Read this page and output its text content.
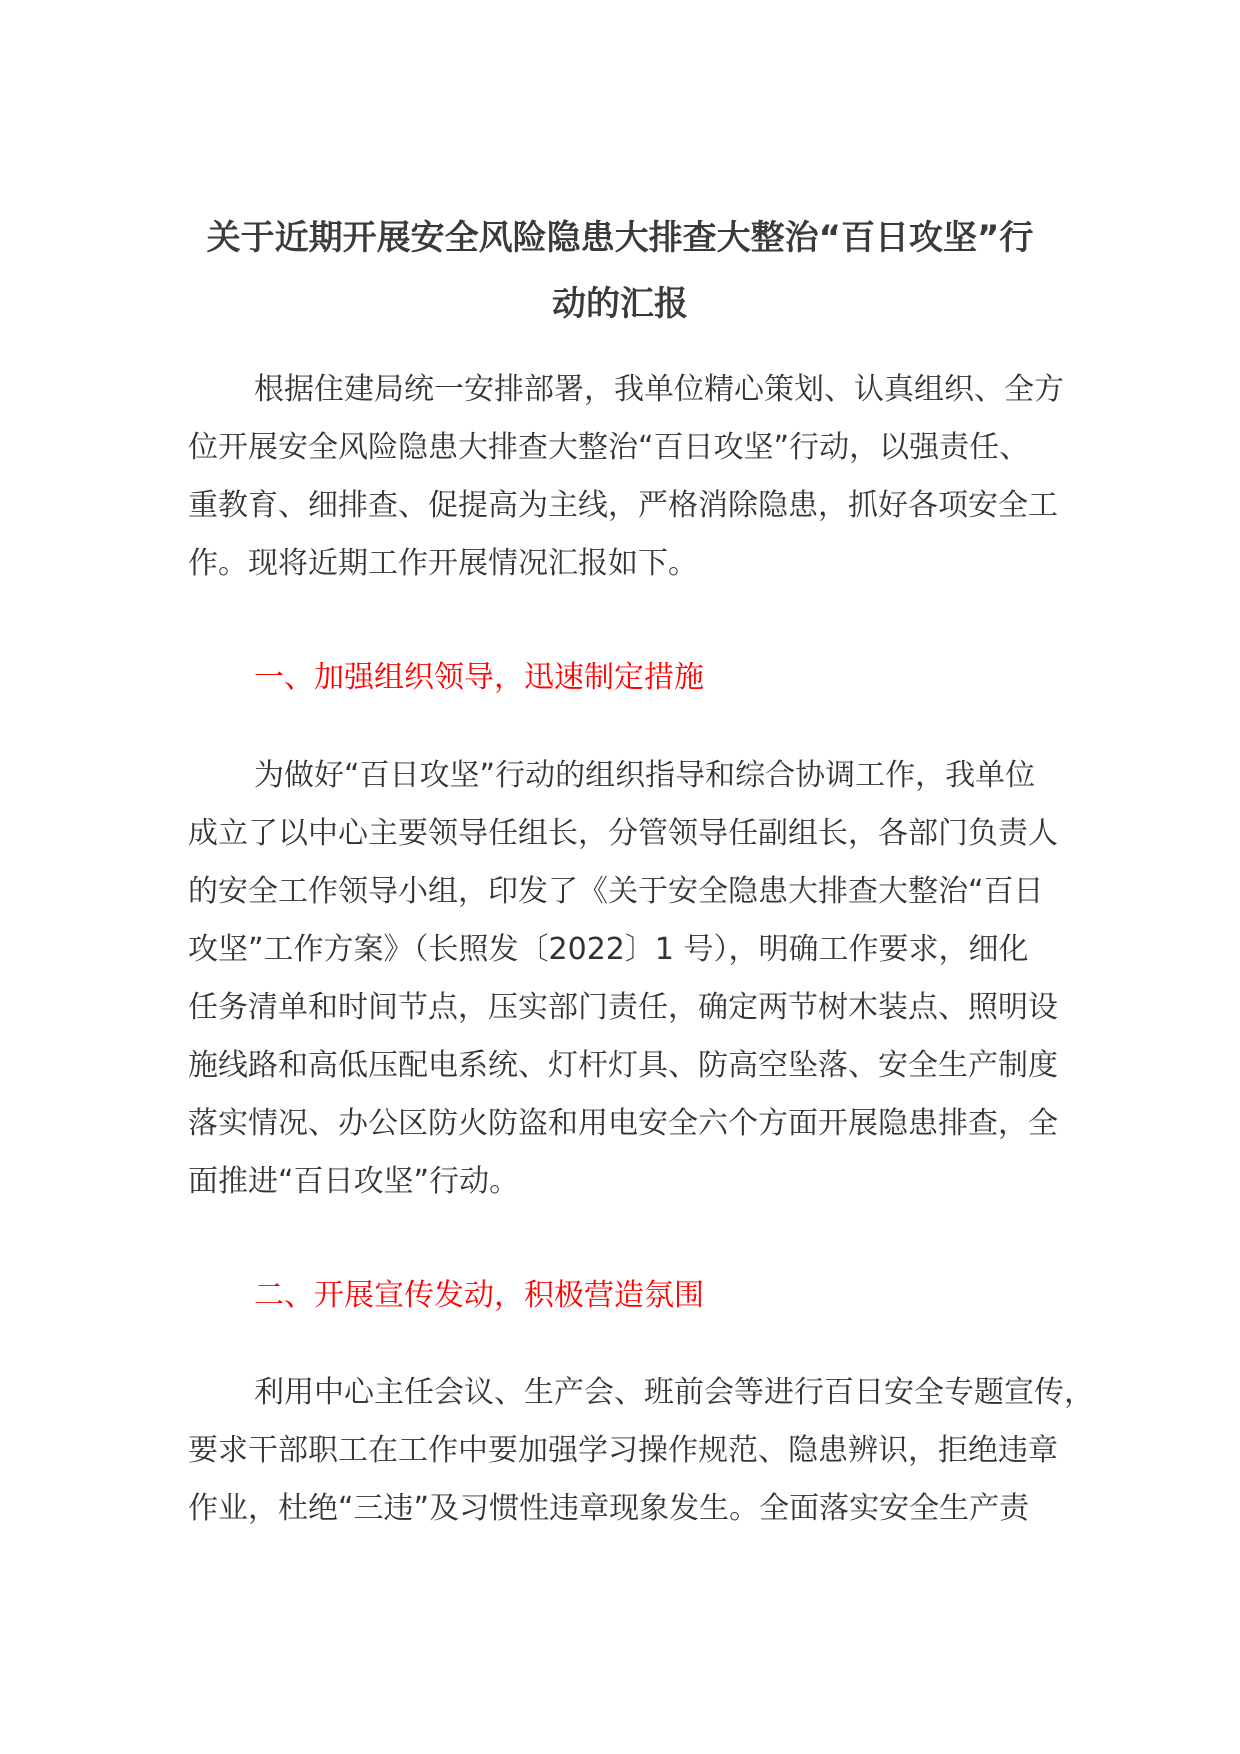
关于近期开展安全风险隐患大排查大整治“百日攻坚”行
动的汇报
根据住建局统一安排部署，我单位精心策划、认真组织、全方
位开展安全风险隐患大排查大整治“百日攻坚”行动，以强责任、
重教育、细排查、促提高为主线，严格消除隐患，抓好各项安全工
作。现将近期工作开展情况汇报如下。
一、加强组织领导，迅速制定措施
为做好“百日攻坚”行动的组织指导和综合协调工作，我单位
成立了以中心主要领导任组长，分管领导任副组长，各部门负责人
的安全工作领导小组，印发了《关于安全隐患大排查大整治“百日
攻坚”工作方案》（长照发〔2022〕1 号），明确工作要求，细化
任务清单和时间节点，压实部门责任，确定两节树木装点、照明设
施线路和高低压配电系统、灯杆灯具、防高空坠落、安全生产制度
落实情况、办公区防火防盗和用电安全六个方面开展隐患排查，全
面推进“百日攻坚”行动。
二、开展宣传发动，积极营造氛围
利用中心主任会议、生产会、班前会等进行百日安全专题宣传，
要求干部职工在工作中要加强学习操作规范、隐患辨识，拒绝违章
作业，杜绝“三违”及习惯性违章现象发生。全面落实安全生产责
